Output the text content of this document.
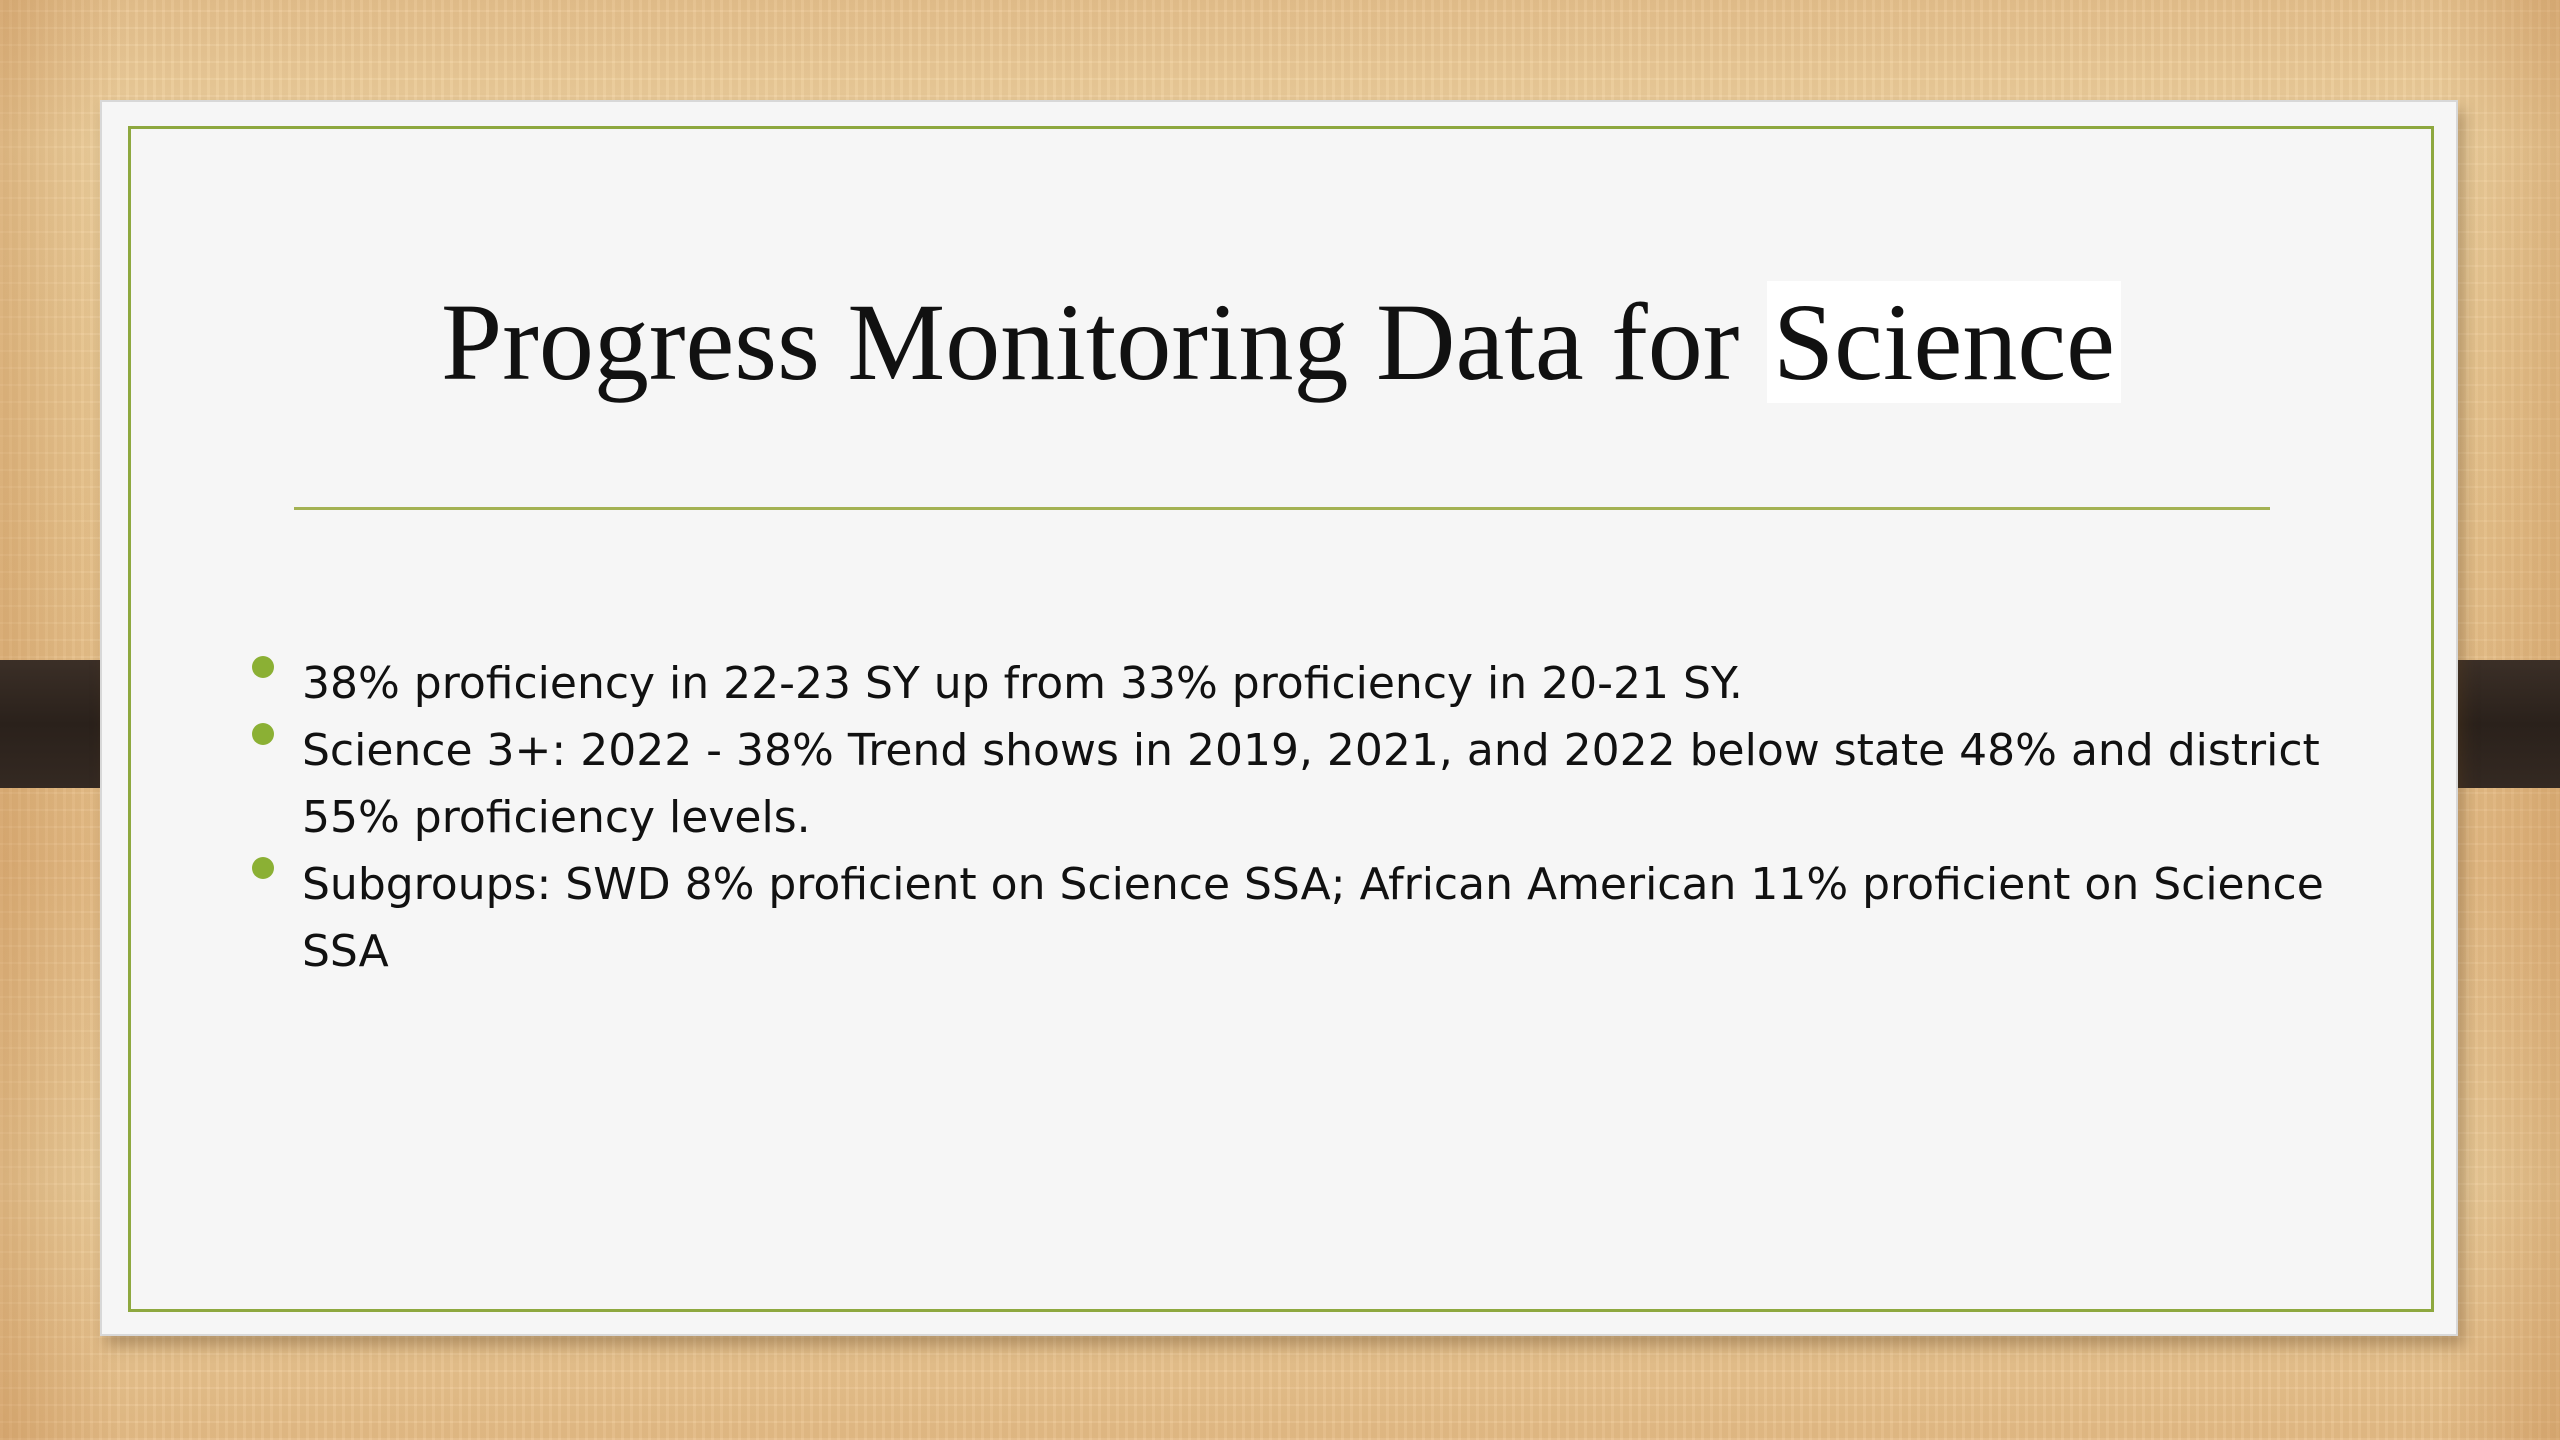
Progress Monitoring Data for Science
38% proficiency in 22-23 SY up from 33% proficiency in 20-21 SY.
Science 3+: 2022 - 38% Trend shows in 2019, 2021, and 2022 below state 48% and district 55% proficiency levels.
Subgroups: SWD 8% proficient on Science SSA; African American 11% proficient on Science SSA
